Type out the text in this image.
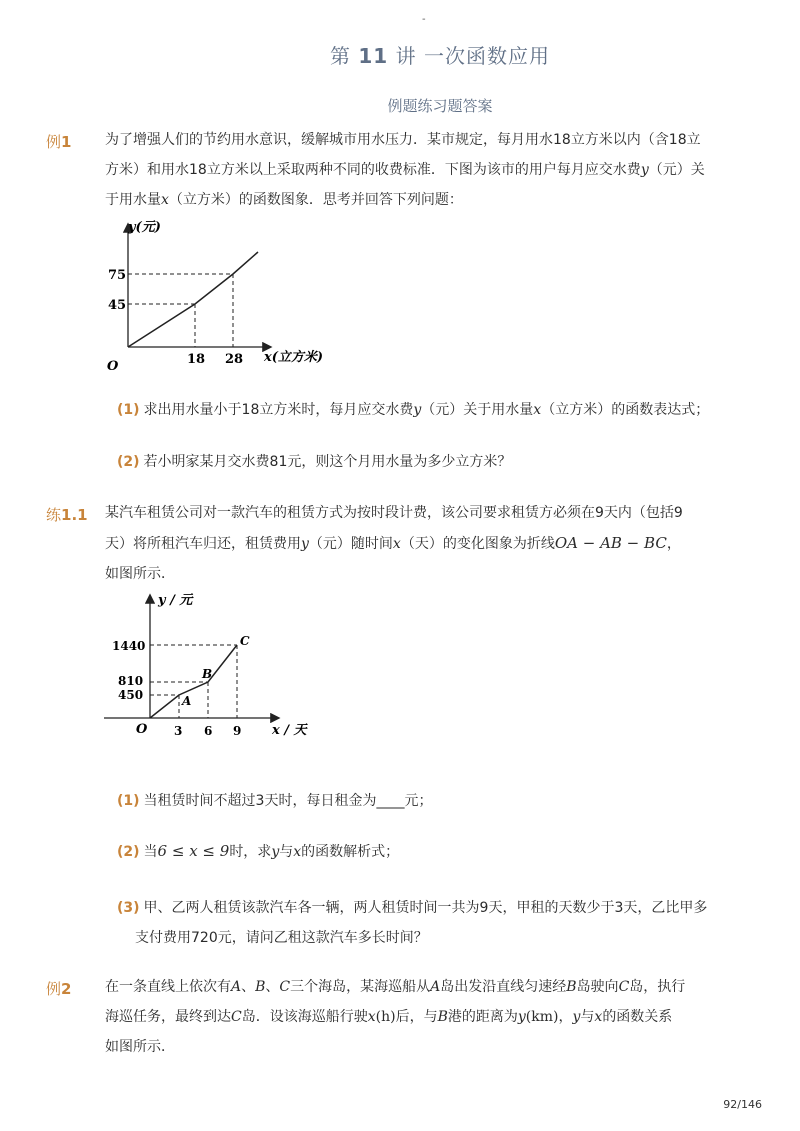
-
第 11 讲 一次函数应用
例题练习题答案
例1 为了增强人们的节约用水意识，缓解城市用水压力．某市规定，每月用水18立方米以内（含18立
方米）和用水18立方米以上采取两种不同的收费标准．下图为该市的用户每月应交水费y（元）关
于用水量x（立方米）的函数图象．思考并回答下列问题：
y(元)
x(立方米)
O
75
45
18 28
(1) 求出用水量小于18立方米时，每月应交水费y（元）关于用水量x（立方米）的函数表达式；
(2) 若小明家某月交水费81元，则这个月用水量为多少立方米？
练1.1 某汽车租赁公司对一款汽车的租赁方式为按时段计费，该公司要求租赁方必须在9天内（包括9
天）将所租汽车归还，租赁费用y（元）随时间x（天）的变化图象为折线OA − AB − BC，
如图所示．
y / 元
x / 天
O
1440
810
450
3 6 9
A
B
C
(1) 当租赁时间不超过3天时，每日租金为____元；
(2) 当6 ≤ x ≤ 9时，求y与x的函数解析式；
(3) 甲、乙两人租赁该款汽车各一辆，两人租赁时间一共为9天，甲租的天数少于3天，乙比甲多
支付费用720元，请问乙租这款汽车多长时间？
例2 在一条直线上依次有A、B、C三个海岛，某海巡船从A岛出发沿直线匀速经B岛驶向C岛，执行
海巡任务，最终到达C岛．设该海巡船行驶x(h)后，与B港的距离为y(km)，y与x的函数关系
如图所示．
92/146
